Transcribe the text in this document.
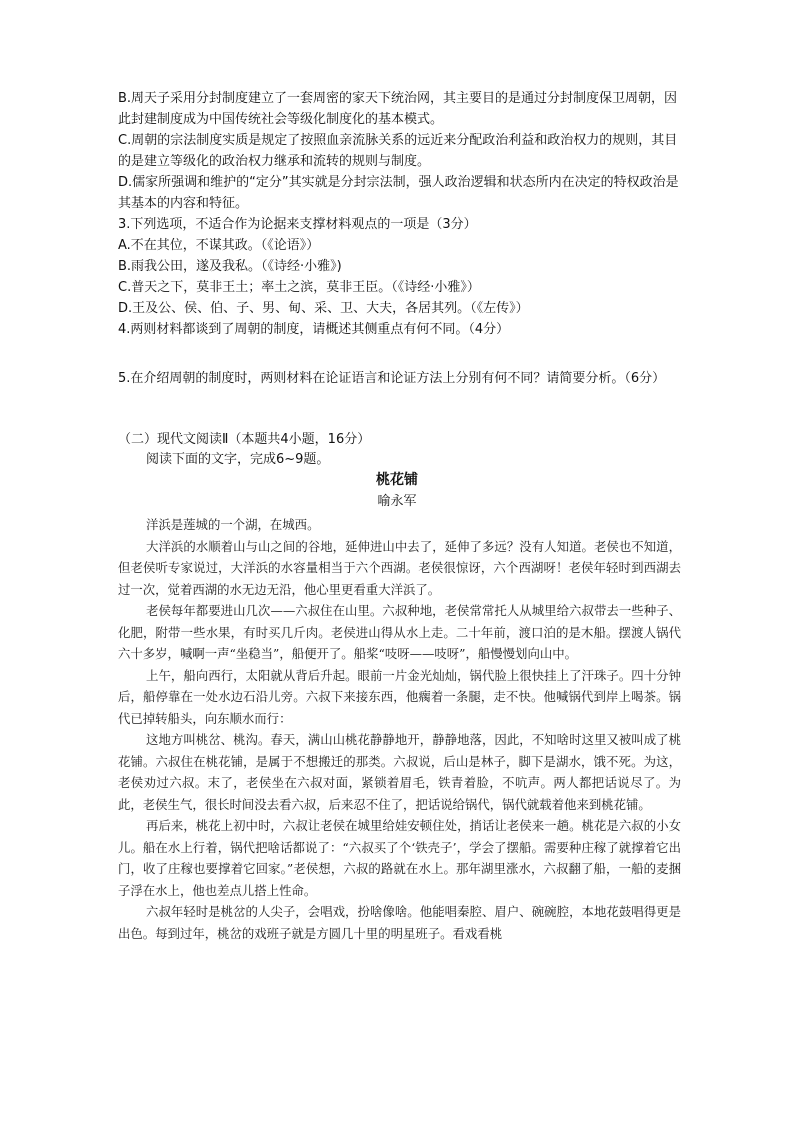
B.周天子采用分封制度建立了一套周密的家天下统治网，其主要目的是通过分封制度保卫周朝，因此封建制度成为中国传统社会等级化制度化的基本模式。

C.周朝的宗法制度实质是规定了按照血亲流脉关系的远近来分配政治利益和政治权力的规则，其目的是建立等级化的政治权力继承和流转的规则与制度。

D.儒家所强调和维护的“定分”其实就是分封宗法制，强人政治逻辑和状态所内在决定的特权政治是其基本的内容和特征。

3.下列选项，不适合作为论据来支撑材料观点的一项是（3分）

A.不在其位，不谋其政。（《论语》）

B.雨我公田，遂及我私。（《诗经·小雅》)

C.普天之下，莫非王土；率土之滨，莫非王臣。（《诗经·小雅》）

D.王及公、侯、伯、子、男、甸、采、卫、大夫，各居其列。（《左传》）

4.两则材料都谈到了周朝的制度，请概述其侧重点有何不同。（4分）

5.在介绍周朝的制度时，两则材料在论证语言和论证方法上分别有何不同？请简要分析。（6分）

（二）现代文阅读Ⅱ（本题共4小题，16分）

阅读下面的文字，完成6~9题。

桃花铺
喻永军

洋浜是莲城的一个湖，在城西。

大洋浜的水顺着山与山之间的谷地，延伸进山中去了，延伸了多远？没有人知道。老侯也不知道，但老侯听专家说过，大洋浜的水容量相当于六个西湖。老侯很惊讶，六个西湖呀！老侯年轻时到西湖去过一次，觉着西湖的水无边无沿，他心里更看重大洋浜了。

老侯每年都要进山几次——六叔住在山里。六叔种地，老侯常常托人从城里给六叔带去一些种子、化肥，附带一些水果，有时买几斤肉。老侯进山得从水上走。二十年前，渡口泊的是木船。摆渡人锅代六十多岁，喊啊一声“坐稳当”，船便开了。船桨“吱呀——吱呀”，船慢慢划向山中。

上午，船向西行，太阳就从背后升起。眼前一片金光灿灿，锅代脸上很快挂上了汗珠子。四十分钟后，船停靠在一处水边石沿儿旁。六叔下来接东西，他瘸着一条腿，走不快。他喊锅代到岸上喝茶。锅代已掉转船头，向东顺水而行：

这地方叫桃岔、桃沟。春天，满山山桃花静静地开，静静地落，因此，不知啥时这里又被叫成了桃花铺。六叔住在桃花铺，是属于不想搬迁的那类。六叔说，后山是林子，脚下是湖水，饿不死。为这，老侯劝过六叔。末了，老侯坐在六叔对面，紧锁着眉毛，铁青着脸，不吭声。两人都把话说尽了。为此，老侯生气，很长时间没去看六叔，后来忍不住了，把话说给锅代，锅代就载着他来到桃花铺。

再后来，桃花上初中时，六叔让老侯在城里给娃安顿住处，捎话让老侯来一趟。桃花是六叔的小女儿。船在水上行着，锅代把啥话都说了：“六叔买了个‘铁壳子’，学会了摆船。需要种庄稼了就撑着它出门，收了庄稼也要撑着它回家。”老侯想，六叔的路就在水上。那年湖里涨水，六叔翻了船，一船的麦捆子浮在水上，他也差点儿搭上性命。

六叔年轻时是桃岔的人尖子，会唱戏，扮啥像啥。他能唱秦腔、眉户、碗碗腔，本地花鼓唱得更是出色。每到过年，桃岔的戏班子就是方圆几十里的明星班子。看戏看桃
